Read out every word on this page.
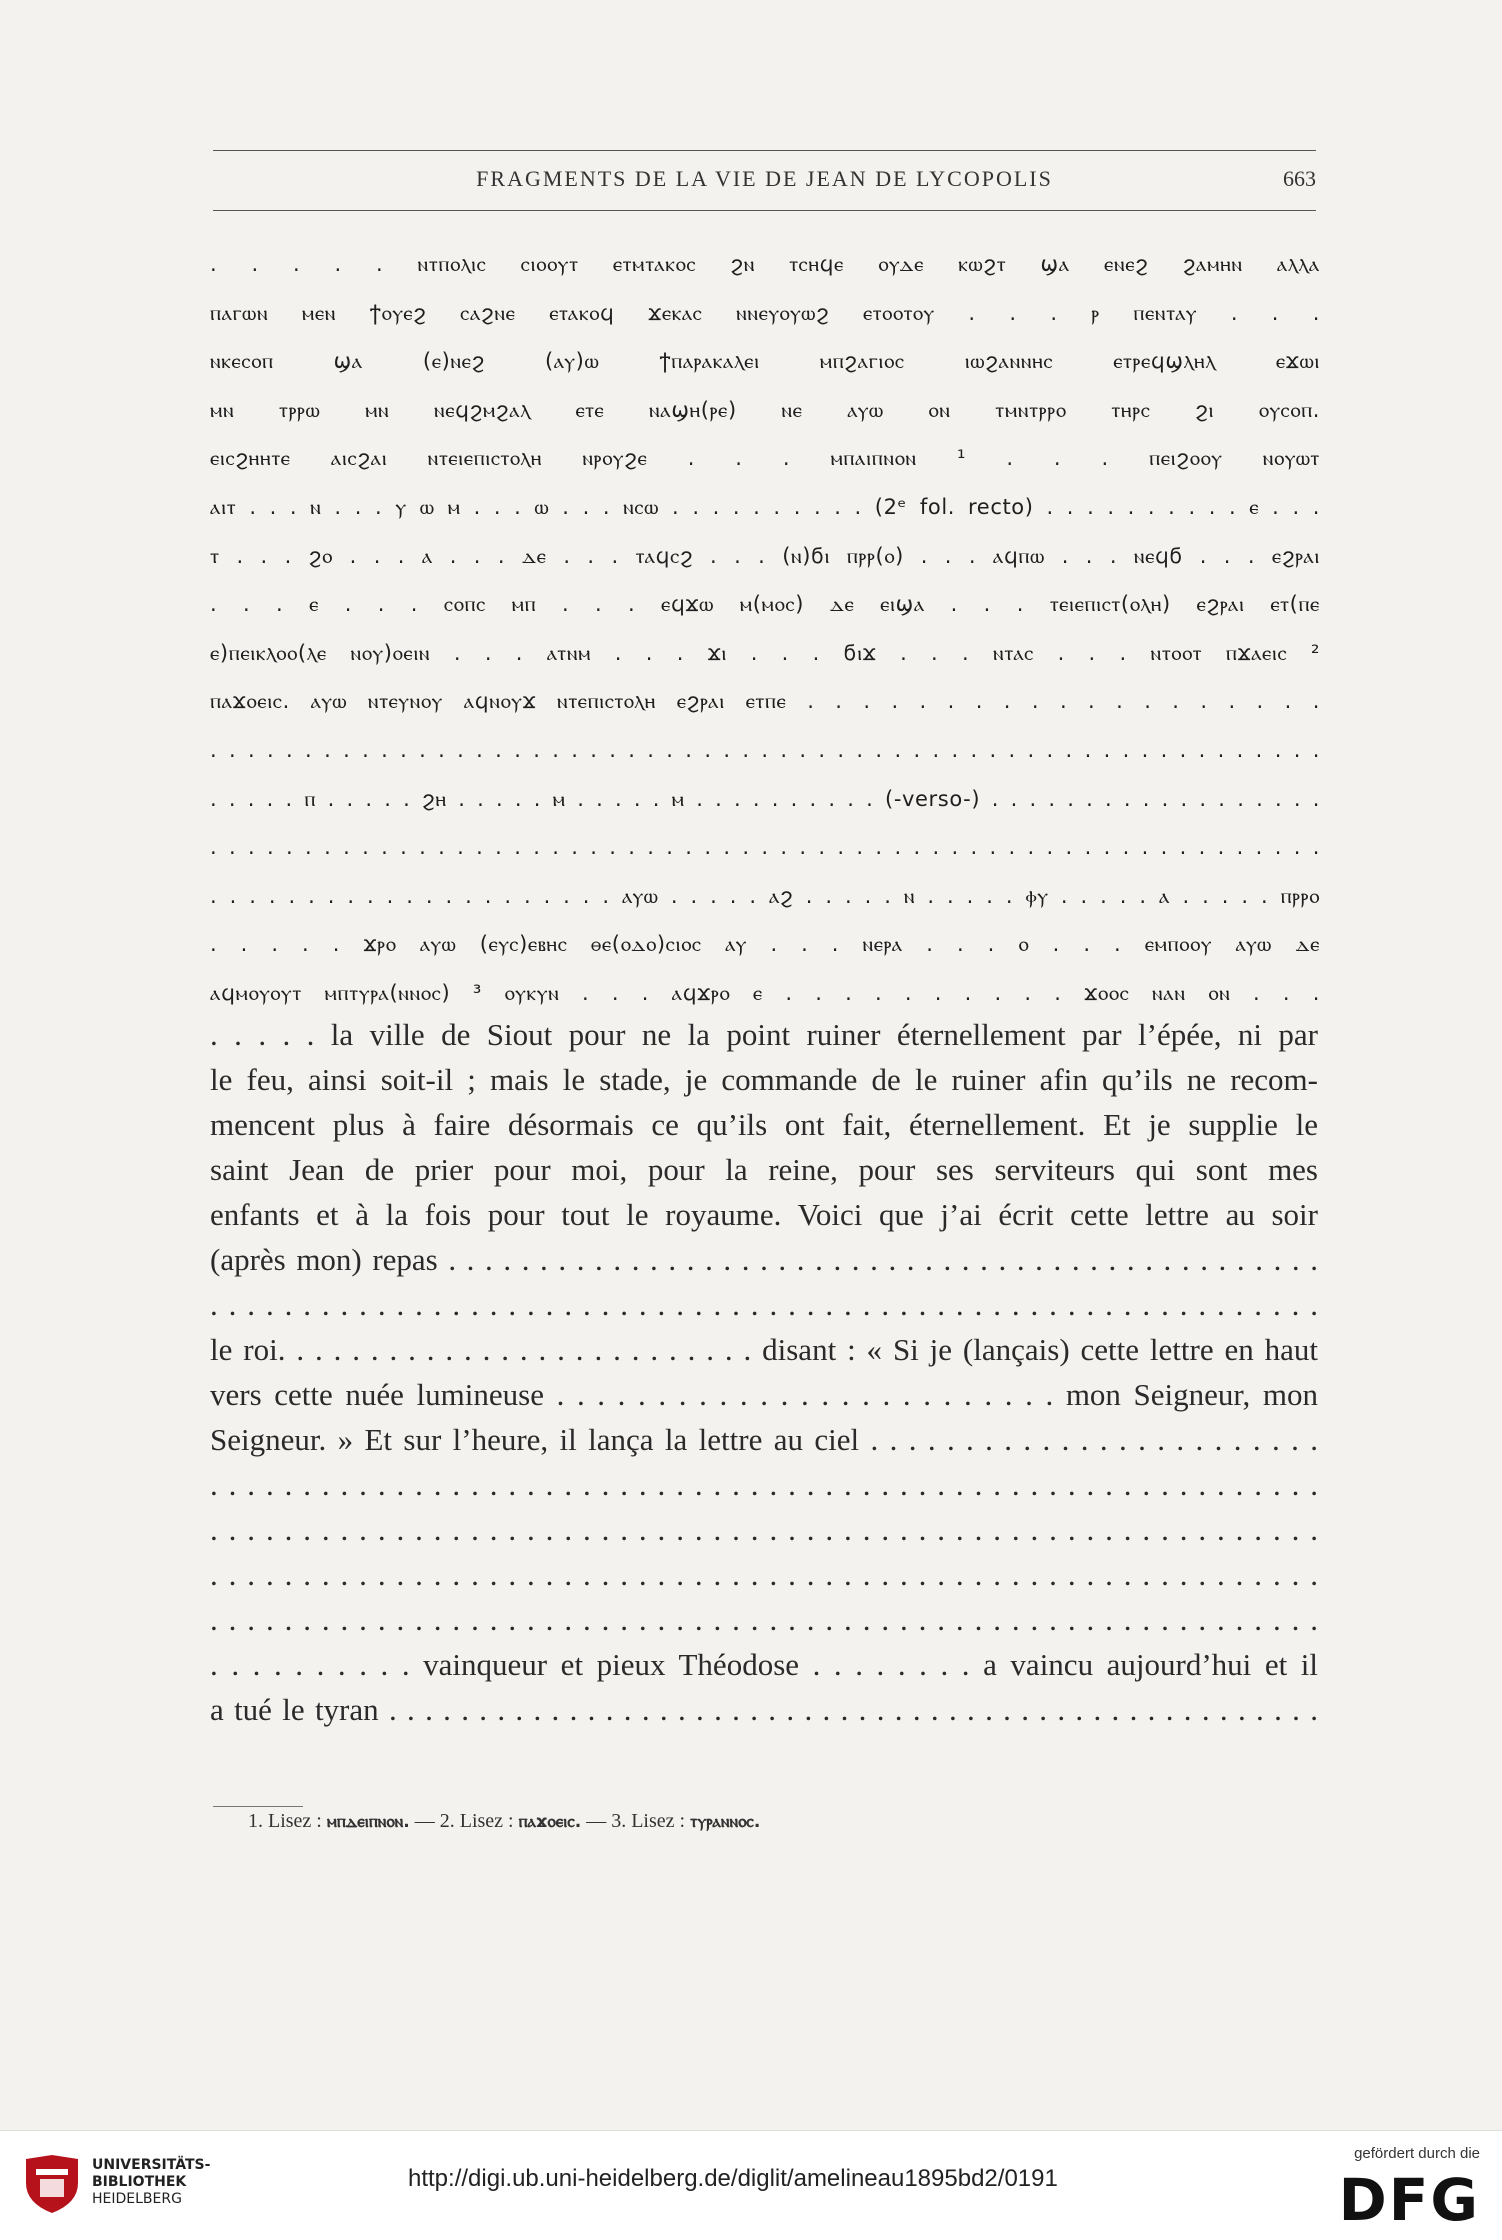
FRAGMENTS DE LA VIE DE JEAN DE LYCOPOLIS	663
. . . . . ⲛⲧⲡⲟⲗⲓⲥ ⲥⲓⲟⲟⲩⲧ ⲉⲧⲙⲧⲁⲕⲟⲥ ϩⲛ ⲧⲥⲏϥⲉ ⲟⲩⲇⲉ ⲕⲱϩⲧ ϣⲁ ⲉⲛⲉϩ ϩⲁⲙⲏⲛ ⲁⲗⲗⲁ
ⲡⲁⲅⲱⲛ ⲙⲉⲛ ϯⲟⲩⲉϩ ⲥⲁϩⲛⲉ ⲉⲧⲁⲕⲟϥ ϫⲉⲕⲁⲥ ⲛⲛⲉⲩⲟⲩⲱϩ ⲉⲧⲟⲟⲧⲟⲩ . . . ⲣ ⲡⲉⲛⲧⲁⲩ . . .
ⲛⲕⲉⲥⲟⲡ ϣⲁ (ⲉ)ⲛⲉϩ (ⲁⲩ)ⲱ ϯⲡⲁⲣⲁⲕⲁⲗⲉⲓ ⲙⲡϩⲁⲅⲓⲟⲥ ⲓⲱϩⲁⲛⲛⲏⲥ ⲉⲧⲣⲉϥϣⲗⲏⲗ ⲉϫⲱⲓ
ⲙⲛ ⲧⲣⲣⲱ ⲙⲛ ⲛⲉϥϩⲙϩⲁⲗ ⲉⲧⲉ ⲛⲁϣⲏ(ⲣⲉ) ⲛⲉ ⲁⲩⲱ ⲟⲛ ⲧⲙⲛⲧⲣⲣⲟ ⲧⲏⲣⲥ ϩⲓ ⲟⲩⲥⲟⲡ.
ⲉⲓⲥϩⲏⲏⲧⲉ ⲁⲓⲥϩⲁⲓ ⲛⲧⲉⲓⲉⲡⲓⲥⲧⲟⲗⲏ ⲛⲣⲟⲩϩⲉ . . . ⲙⲡⲁⲓⲡⲛⲟⲛ ¹ . . . ⲡⲉⲓϩⲟⲟⲩ ⲛⲟⲩⲱⲧ
ⲁⲓⲧ . . . ⲛ . . . ⲩ ⲱ ⲙ . . . ⲱ . . . ⲛⲥⲱ . . . . . . . . . . (2ᵉ fol. recto) . . . . . . . . . . ⲉ . . .
ⲧ . . . ϩⲟ . . . ⲁ . . . ⲇⲉ . . . ⲧⲁϥⲥϩ . . . (ⲛ)ϭⲓ ⲡⲣⲣ(ⲟ) . . . ⲁϥⲡⲱ . . . ⲛⲉϥϭ . . . ⲉϩⲣⲁⲓ
. . . ⲉ . . . ⲥⲟⲡⲥ ⲙⲡ . . . ⲉϥϫⲱ ⲙ(ⲙⲟⲥ) ⲇⲉ ⲉⲓϣⲁ . . . ⲧⲉⲓⲉⲡⲓⲥⲧ(ⲟⲗⲏ) ⲉϩⲣⲁⲓ ⲉⲧ(ⲡⲉ
ⲉ)ⲡⲉⲓⲕⲗⲟⲟ(ⲗⲉ ⲛⲟⲩ)ⲟⲉⲓⲛ . . . ⲁⲧⲛⲙ . . . ϫⲓ . . . ϭⲓϫ . . . ⲛⲧⲁⲥ . . . ⲛⲧⲟⲟⲧ ⲡϫⲁⲉⲓⲥ ²
ⲡⲁϫⲟⲉⲓⲥ. ⲁⲩⲱ ⲛⲧⲉⲩⲛⲟⲩ ⲁϥⲛⲟⲩϫ ⲛⲧⲉⲡⲓⲥⲧⲟⲗⲏ ⲉϩⲣⲁⲓ ⲉⲧⲡⲉ . . . . . . . . . . . . . . . . . . .
. . . . . . . . . . . . . . . . . . . . . . . . . . . . . . . . . . . . . . . . . . . . . . . . . . . . . . . . . . .
. . . . . ⲡ . . . . . ϩⲏ . . . . . ⲙ . . . . . ⲙ . . . . . . . . . . (-verso-) . . . . . . . . . . . . . . . . . .
. . . . . . . . . . . . . . . . . . . . . . . . . . . . . . . . . . . . . . . . . . . . . . . . . . . . . . . . . . .
. . . . . . . . . . . . . . . . . . . . . ⲁⲩⲱ . . . . . ⲁϩ . . . . . ⲛ . . . . . ⲫⲩ . . . . . ⲁ . . . . . ⲡⲣⲣⲟ
. . . . . ϫⲣⲟ ⲁⲩⲱ (ⲉⲩⲥ)ⲉⲃⲏⲥ ⲑⲉ(ⲟⲇⲟ)ⲥⲓⲟⲥ ⲁⲩ . . . ⲛⲉⲣⲁ . . . ⲟ . . . ⲉⲙⲡⲟⲟⲩ ⲁⲩⲱ ⲇⲉ
ⲁϥⲙⲟⲩⲟⲩⲧ ⲙⲡⲧⲩⲣⲁ(ⲛⲛⲟⲥ) ³ ⲟⲩⲕⲩⲛ . . . ⲁϥϫⲣⲟ ⲉ . . . . . . . . . . ϫⲟⲟⲥ ⲛⲁⲛ ⲟⲛ . . .
. . . . . la ville de Siout pour ne la point ruiner éternellement par l’épée, ni par
le feu, ainsi soit-il ; mais le stade, je commande de le ruiner afin qu’ils ne recom-
mencent plus à faire désormais ce qu’ils ont fait, éternellement. Et je supplie le
saint Jean de prier pour moi, pour la reine, pour ses serviteurs qui sont mes
enfants et à la fois pour tout le royaume. Voici que j’ai écrit cette lettre au soir
(après mon) repas . . . . . . . . . . . . . . . . . . . . . . . . . . . . . . . . . . . . . . . . . . . . . . . .
. . . . . . . . . . . . . . . . . . . . . . . . . . . . . . . . . . . . . . . . . . . . . . . . . . . . . . . . . . . .
le roi. . . . . . . . . . . . . . . . . . . . . . . . . . disant : « Si je (lançais) cette lettre en haut
vers cette nuée lumineuse . . . . . . . . . . . . . . . . . . . . . . . . . mon Seigneur, mon
Seigneur. » Et sur l’heure, il lança la lettre au ciel . . . . . . . . . . . . . . . . . . . . . . . .
. . . . . . . . . . . . . . . . . . . . . . . . . . . . . . . . . . . . . . . . . . . . . . . . . . . . . . . . . . . .
. . . . . . . . . . . . . . . . . . . . . . . . . . . . . . . . . . . . . . . . . . . . . . . . . . . . . . . . . . . .
. . . . . . . . . . . . . . . . . . . . . . . . . . . . . . . . . . . . . . . . . . . . . . . . . . . . . . . . . . . .
. . . . . . . . . . . . . . . . . . . . . . . . . . . . . . . . . . . . . . . . . . . . . . . . . . . . . . . . . . . .
. . . . . . . . . . vainqueur et pieux Théodose . . . . . . . . a vaincu aujourd’hui et il
a tué le tyran . . . . . . . . . . . . . . . . . . . . . . . . . . . . . . . . . . . . . . . . . . . . . . . . . . . .
1. Lisez : ⲙⲡⲇⲉⲓⲡⲛⲟⲛ. — 2. Lisez : ⲡⲁϫⲟⲉⲓⲥ. — 3. Lisez : ⲧⲩⲣⲁⲛⲛⲟⲥ.
UNIVERSITÄTS-
BIBLIOTHEK
HEIDELBERG
http://digi.ub.uni-heidelberg.de/diglit/amelineau1895bd2/0191
gefördert durch die
DFG
